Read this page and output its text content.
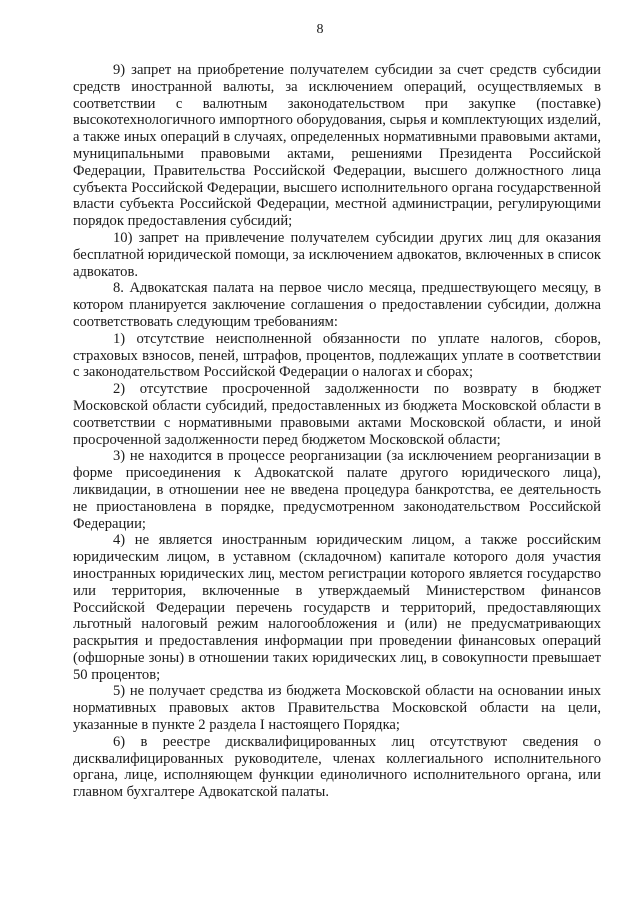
8

9) запрет на приобретение получателем субсидии за счет средств субсидии средств иностранной валюты, за исключением операций, осуществляемых в соответствии с валютным законодательством при закупке (поставке) высокотехнологичного импортного оборудования, сырья и комплектующих изделий, а также иных операций в случаях, определенных нормативными правовыми актами, муниципальными правовыми актами, решениями Президента Российской Федерации, Правительства Российской Федерации, высшего должностного лица субъекта Российской Федерации, высшего исполнительного органа государственной власти субъекта Российской Федерации, местной администрации, регулирующими порядок предоставления субсидий;

10) запрет на привлечение получателем субсидии других лиц для оказания бесплатной юридической помощи, за исключением адвокатов, включенных в список адвокатов.

8. Адвокатская палата на первое число месяца, предшествующего месяцу, в котором планируется заключение соглашения о предоставлении субсидии, должна соответствовать следующим требованиям:

1) отсутствие неисполненной обязанности по уплате налогов, сборов, страховых взносов, пеней, штрафов, процентов, подлежащих уплате в соответствии с законодательством Российской Федерации о налогах и сборах;

2) отсутствие просроченной задолженности по возврату в бюджет Московской области субсидий, предоставленных из бюджета Московской области в соответствии с нормативными правовыми актами Московской области, и иной просроченной задолженности перед бюджетом Московской области;

3) не находится в процессе реорганизации (за исключением реорганизации в форме присоединения к Адвокатской палате другого юридического лица), ликвидации, в отношении нее не введена процедура банкротства, ее деятельность не приостановлена в порядке, предусмотренном законодательством Российской Федерации;

4) не является иностранным юридическим лицом, а также российским юридическим лицом, в уставном (складочном) капитале которого доля участия иностранных юридических лиц, местом регистрации которого является государство или территория, включенные в утверждаемый Министерством финансов Российской Федерации перечень государств и территорий, предоставляющих льготный налоговый режим налогообложения и (или) не предусматривающих раскрытия и предоставления информации при проведении финансовых операций (офшорные зоны) в отношении таких юридических лиц, в совокупности превышает 50 процентов;

5) не получает средства из бюджета Московской области на основании иных нормативных правовых актов Правительства Московской области на цели, указанные в пункте 2 раздела I настоящего Порядка;

6) в реестре дисквалифицированных лиц отсутствуют сведения о дисквалифицированных руководителе, членах коллегиального исполнительного органа, лице, исполняющем функции единоличного исполнительного органа, или главном бухгалтере Адвокатской палаты.
